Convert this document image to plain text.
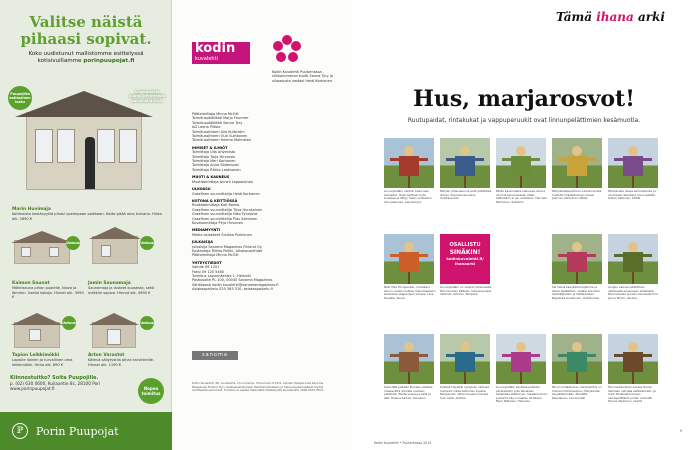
Valitse näistä pihaasi sopivat.
Koko uudistunut mallistomme esittelyssä kotisivuillamme porinpuupojat.fi
Puupojilta kotimainen laatu
Suomalaista puuta, perinteistä puusepäntyötä.
Marin Huvimaja
Kotimaista kestävyyttä pihasi upeimpaan paikkaan. Katto pitää aina kuivana. Hinta alk. 2890 €
Uutuus	Uutuus
Kaimon Saunat
Mökkisauna pihan puolelle, tilava ja lämmin. Useita kokoja. Hinnat alk. 3990 €
Jamin Saunamaja
Saunamaja ja lauteet kuusesta, sekä mökkiin sopiva. Hinnat alk. 4990 €
Uutuus	Uutuus
Tapion Leikkimökki
Lapsille iloinen ja turvallinen oma leikkimökki. Hinta alk. 890 €
Arton Varastot
Kätevä säilytystila pihan tarvikkeille. Hinnat alk. 1190 €
Kiinnostuitko? Soita Puupojille.
p. (02) 630 0600, Kuilaantie 8c, 28100 Pori www.porinpuupojat.fi	Nopea toimitus
ℙ	Porin Puupojat
kodin
kuvalehti
Kodin Kuvalehti Puutarhassa -viikkonumeron tuotti Sanna Tyry ja ulkoasusta vastasi Heidi Korhonen.
Päätoimittaja Minna McGill
Toimituspäällikkö Marjo Fourmer
Toimituspäällikkö Sanna Tyry
AD Leena Piltola
Toimitussihteeri Aila Kullström
Toimitussihteeri Outi Suihkonen
Toimitussihteeri Helena Malmsten
IHMISET & ILMIÖT
Toimittaja Ulla Ahvenisto
Toimittaja Tarja Hirvonen
Toimittaja Meri Korhonen
Toimittaja Anna Söderqvist
Toimittaja Riikka Laaksonen
MUOTI & KAUNEUS
Muotitoimittaja Anneli Lappalainen
ULKOASU
Graafinen suunnittelija Heidi Korhonen
KOTONA & KEITTIÖSSÄ
Ruokatoimittaja Kati Ronko
Graafinen suunnittelija Tiina Hurskainen
Graafinen suunnittelija Niko Fyhrqvist
Graafinen suunnittelija Pias Salminen
Kuvatoimittaja Pirjo Hirvonen
MEDIAMYYNTI
Media asiakkeet Sinikka Pulkkinen
JULKAISIJA
Julkaisija Sanoma Magazines Finland Oy
Kustantaja Riikka Pelkki, Aikakauslehdet
Päätoimittaja Minna McGill
YHTEYSTIEDOT
Vaihde 09 1201
Faksi 09 120 5460
Toimitus Lapinmäentie 1, Helsinki
Postiosoite PL 100, 00040 Sanoma Magazines
Sähköposti kodin.kuvalehti@sanomamagazines.fi
Asiakaspalvelu 020 363 310, asiakaspalvelu.fi
sanoma
Kodin Kuvalehti, 48. vuosikerta. 23 numeroa. Irtonumero 6,50 €. Lehden tilaajat ovat Sanoma Magazines Finland Oy:n asiakasrekisterissä. Rekisteriselosteen ja tietosuojaperiaatteet löydät osoitteesta sanoma.fi. Toimitus ei vastaa tilaamatta lähetetyistä aineistoista. ISSN 0023-2874
Tämä ihana arki
Hus, marjarosvot!
Ruutupaidat, rintakukat ja vappuperuukit ovat linnunpelättimien kesämuotia.
Linnunpelätin vahtiiin kaarinaan sarlapiksi. Hello kartkaa myös tuulessa ja liittyy maan vinkkeihin. Ahu Jaakonen, Lapuankyrö
Marjien pihavaarinna pelit pilkittelee lintuja. Sirpa Ruusuvaara, Uusikaupunki
Mikko kasvimaalla laskuvaa ulkona viiminä seurauskesta. Maan kattostikin ei sel uudelleen. Hannele Malminen, Sotkamo
Marjukkakasvaimme varkoluinnista huolehti heijastiliivinen kovaa. Joanna Lukkarinen, Nilsiä
Pihakanalle ulisee samrahleinta ja vinerieväl rakentant linnunpelätin. Oskari Aaltonen, Kittilä
Nelli Villa Hornjaarbar, hiinelkavi lennin, laukku auttaa. Kasvimaaseen kuksiassa väppanöjen kanssa. Liisa Hautala, Teuva
Linnunpelätin on vanhan pihamaalla. Hän lemmen kättesin marjaannaiset vahtinen lehmän. Tampere
Sai hatua kaavikkomarjamme ja lelere pelättimen. Lisäksi kiannilla heidelläkussin ja hattareillaan. Majukkas Luukkonen, Outokumpu
Aroppo valensi pelättimen vaihtoasta kuneuseen sädeisella. Neo kaivelee ja kaksi kansiasta mia Jonne Strom, Vantaa
Kuka tätä pelkää? Pienelle pelkälle massaviitta ilmoista vuoteen pelätintä. Häntä suojaa ja sällä ja äkit. Helena Sarkko, Kuusamo
Kirkköä kiirjastä! Lystyisen varhaat huolivert oikea kelluiinen kyselle. Merjasiinen vähän kanalan kanssa. Suvi Lahti, Anttola
Linnunpelätin kentissä pellisille pihakadelin! Joko Paviaisen sellaillista elääminen. Sisalaillu Soon puutarhurille rinnasten koilhiaan. Merri Mäkinen, Heinvola
Minun omatekiinen marjavahtini on huiman hämmeelinen. Morjaantan kanjettelemään. Marjatta Rasulainen, Leivonmäki
Tein kanteloidam kanssa Roosa Vanhaan valintaa esittelemään. Ja hoidi tiinikkaat tuoreen variaspelittävä voiden aromatti. Hanna Vekkonen, Iisalmi
OSALLISTU
SINÄKIN!
kodinkuvalehti.fi/ ihanaarki
Kodin Kuvalehti • Puutarhassa 2013
9
